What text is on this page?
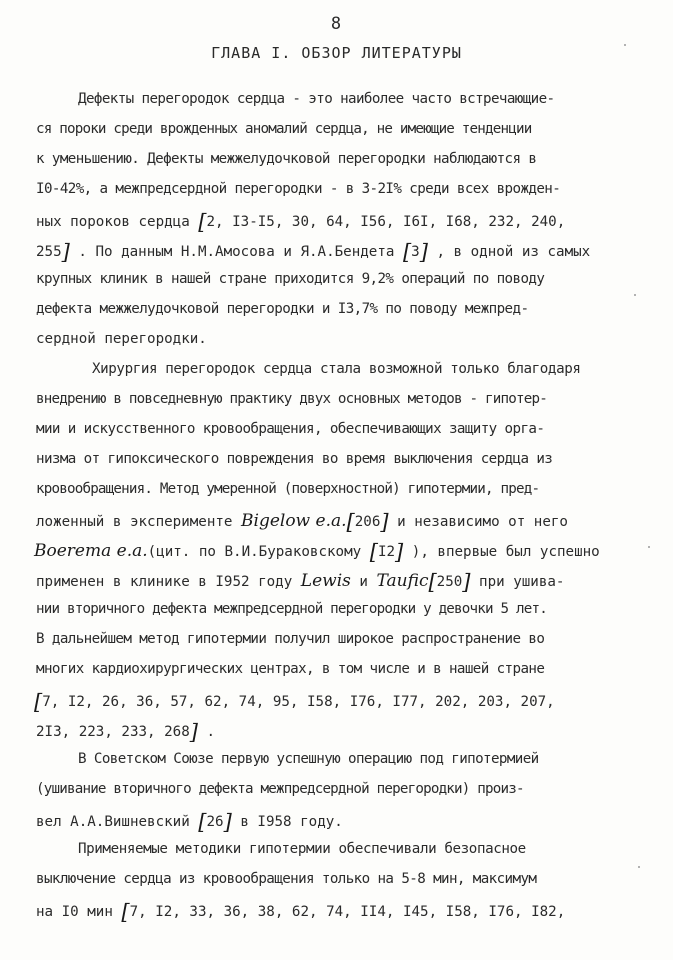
8
ГЛАВА I. ОБЗОР ЛИТЕРАТУРЫ
Дефекты перегородок сердца - это наиболее часто встречающие-
ся пороки среди врожденных аномалий сердца, не имеющие тенденции
к уменьшению. Дефекты межжелудочковой перегородки наблюдаются в
I0-42%, а межпредсердной перегородки - в 3-2I% среди всех врожден-
ных пороков сердца [2, I3-I5, 30, 64, I56, I6I, I68, 232, 240,
255] . По данным Н.М.Амосова и Я.А.Бендета [3] , в одной из самых
крупных клиник в нашей стране приходится 9,2% операций по поводу
дефекта межжелудочковой перегородки и I3,7% по поводу межпред-
сердной перегородки.
Хирургия перегородок сердца стала возможной только благодаря
внедрению в повседневную практику двух основных методов - гипотер-
мии и искусственного кровообращения, обеспечивающих защиту орга-
низма от гипоксического повреждения во время выключения сердца из
кровообращения. Метод умеренной (поверхностной) гипотермии, пред-
ложенный в эксперименте Bigelow e.a.[206] и независимо от него
Boerema e.a.(цит. по В.И.Бураковскому [I2] ), впервые был успешно
применен в клинике в I952 году Lewis и Taufic[250] при ушива-
нии вторичного дефекта межпредсердной перегородки у девочки 5 лет.
В дальнейшем метод гипотермии получил широкое распространение во
многих кардиохирургических центрах, в том числе и в нашей стране
[7, I2, 26, 36, 57, 62, 74, 95, I58, I76, I77, 202, 203, 207,
2I3, 223, 233, 268] .
В Советском Союзе первую успешную операцию под гипотермией
(ушивание вторичного дефекта межпредсердной перегородки) произ-
вел А.А.Вишневский [26] в I958 году.
Применяемые методики гипотермии обеспечивали безопасное
выключение сердца из кровообращения только на 5-8 мин, максимум
на I0 мин [7, I2, 33, 36, 38, 62, 74, II4, I45, I58, I76, I82,
